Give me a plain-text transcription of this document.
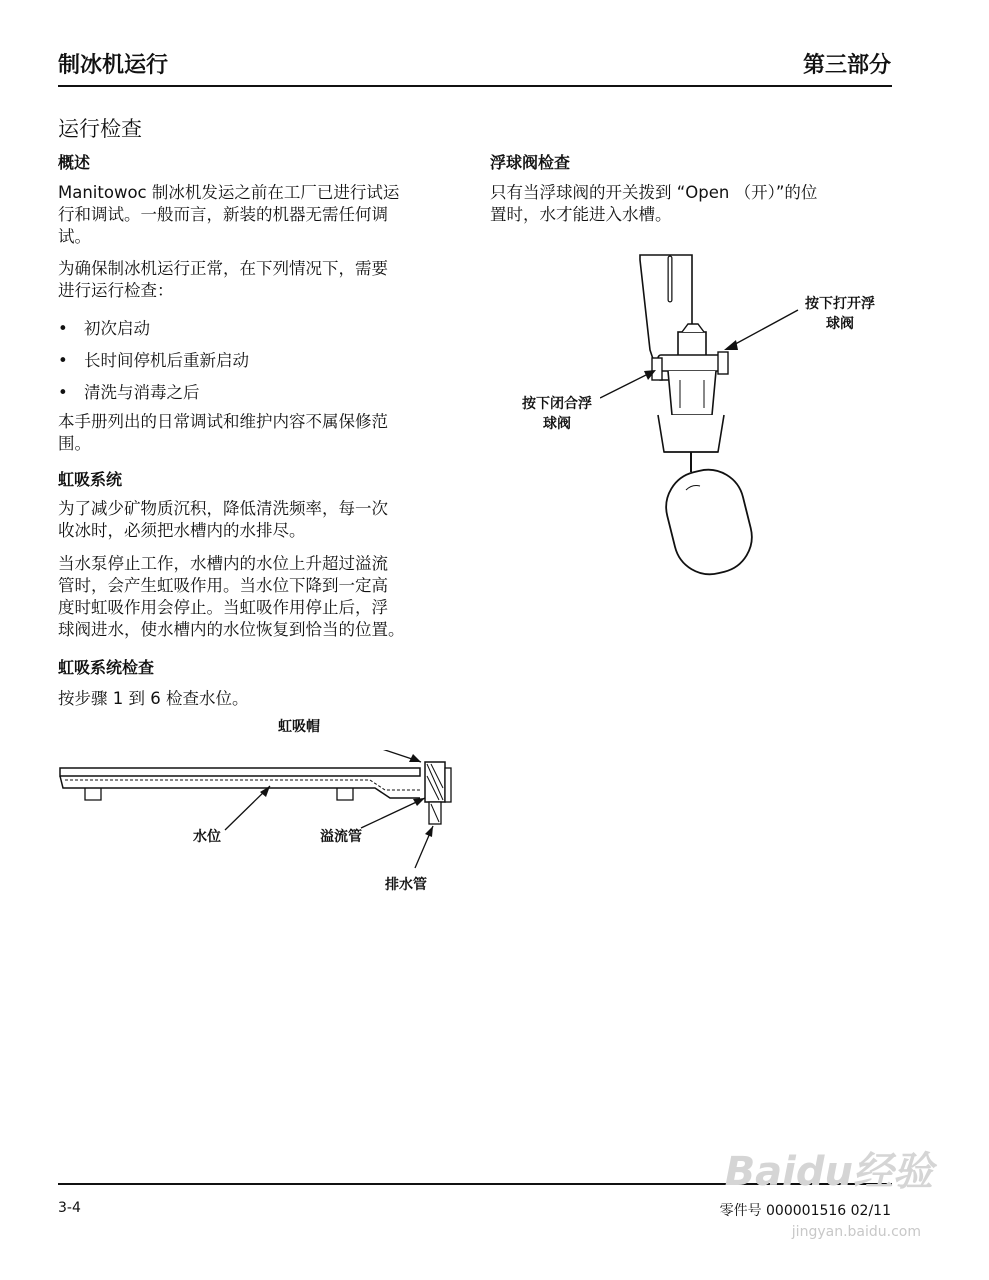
制冰机运行	第三部分
运行检查
概述
Manitowoc 制冰机发运之前在工厂已进行试运
行和调试。一般而言，新装的机器无需任何调
试。
为确保制冰机运行正常，在下列情况下，需要
进行运行检查：
• 初次启动
• 长时间停机后重新启动
• 清洗与消毒之后
本手册列出的日常调试和维护内容不属保修范
围。
虹吸系统
为了减少矿物质沉积，降低清洗频率，每一次
收冰时，必须把水槽内的水排尽。
当水泵停止工作，水槽内的水位上升超过溢流
管时，会产生虹吸作用。当水位下降到一定高
度时虹吸作用会停止。当虹吸作用停止后，浮
球阀进水，使水槽内的水位恢复到恰当的位置。
虹吸系统检查
按步骤 1 到 6 检查水位。
虹吸帽
水位	溢流管
排水管
浮球阀检查
只有当浮球阀的开关拨到 “Open （开）”的位
置时，水才能进入水槽。
按下打开浮
球阀
按下闭合浮
球阀
3-4	零件号 000001516 02/11
Baidu经验
jingyan.baidu.com
